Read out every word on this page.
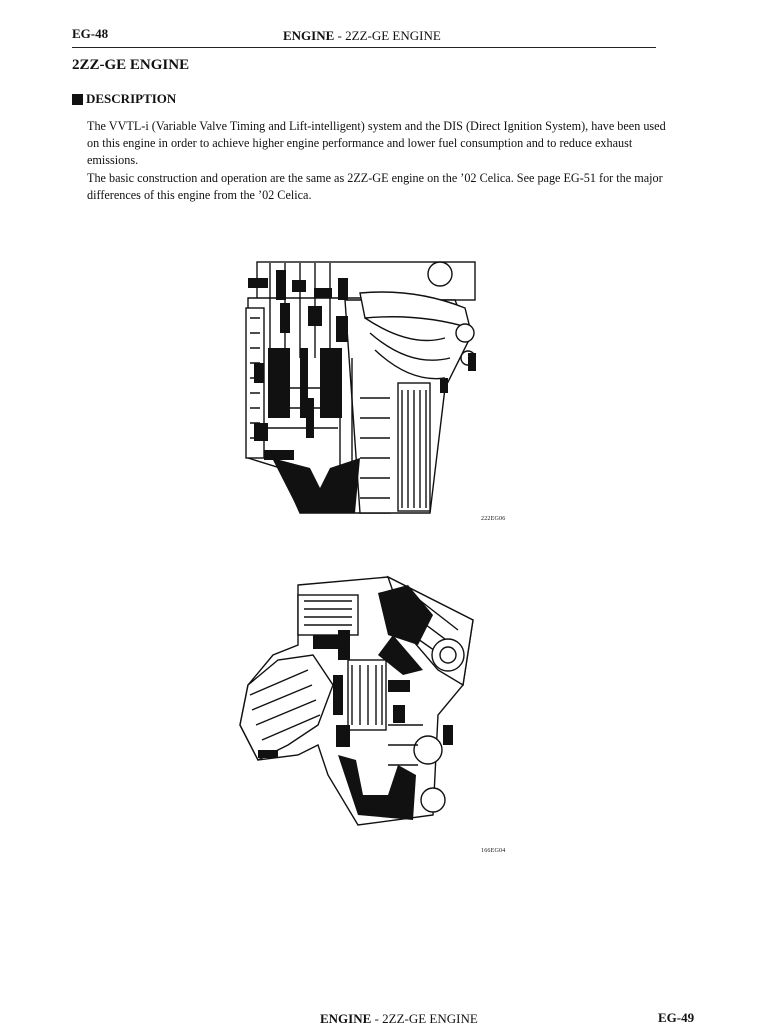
EG-48	ENGINE - 2ZZ-GE ENGINE
2ZZ-GE ENGINE
DESCRIPTION

The VVTL-i (Variable Valve Timing and Lift-intelligent) system and the DIS (Direct Ignition System), have been used on this engine in order to achieve higher engine performance and lower fuel consumption and to reduce exhaust emissions.

The basic construction and operation are the same as 2ZZ-GE engine on the ’02 Celica. See page EG-51 for the major differences of this engine from the ’02 Celica.

222EG06
166EG04
ENGINE - 2ZZ-GE ENGINE	EG-49
